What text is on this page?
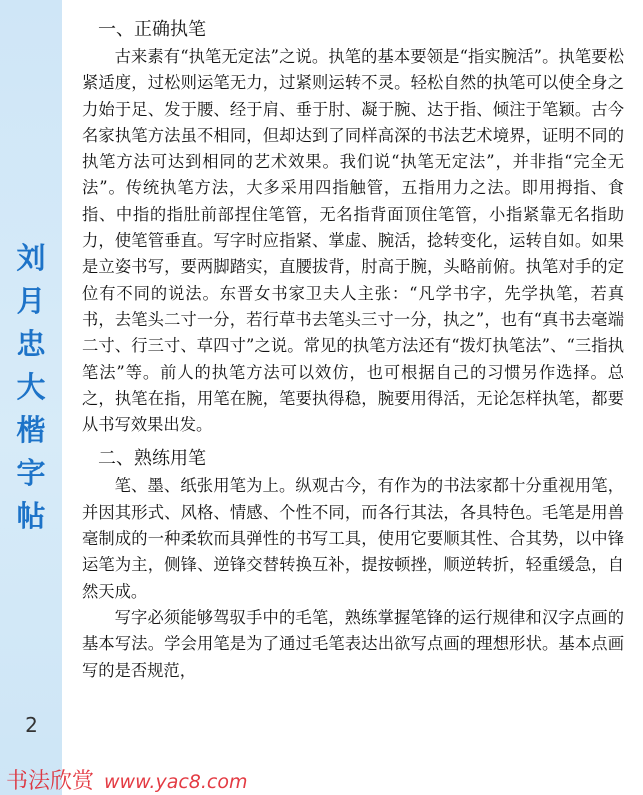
刘
月
忠
大
楷
字
帖
2
一、正确执笔

古来素有“执笔无定法”之说。执笔的基本要领是“指实腕活”。执笔要松紧适度，过松则运笔无力，过紧则运转不灵。轻松自然的执笔可以使全身之力始于足、发于腰、经于肩、垂于肘、凝于腕、达于指、倾注于笔颖。古今名家执笔方法虽不相同，但却达到了同样高深的书法艺术境界，证明不同的执笔方法可达到相同的艺术效果。我们说“执笔无定法”，并非指“完全无法”。传统执笔方法，大多采用四指触管，五指用力之法。即用拇指、食指、中指的指肚前部捏住笔管，无名指背面顶住笔管，小指紧靠无名指助力，使笔管垂直。写字时应指紧、掌虚、腕活，捻转变化，运转自如。如果是立姿书写，要两脚踏实，直腰拔背，肘高于腕，头略前俯。执笔对手的定位有不同的说法。东晋女书家卫夫人主张：“凡学书字，先学执笔，若真书，去笔头二寸一分，若行草书去笔头三寸一分，执之”，也有“真书去毫端二寸、行三寸、草四寸”之说。常见的执笔方法还有“拨灯执笔法”、“三指执笔法”等。前人的执笔方法可以效仿，也可根据自己的习惯另作选择。总之，执笔在指，用笔在腕，笔要执得稳，腕要用得活，无论怎样执笔，都要从书写效果出发。

二、熟练用笔

笔、墨、纸张用笔为上。纵观古今，有作为的书法家都十分重视用笔，并因其形式、风格、情感、个性不同，而各行其法，各具特色。毛笔是用兽毫制成的一种柔软而具弹性的书写工具，使用它要顺其性、合其势，以中锋运笔为主，侧锋、逆锋交替转换互补，提按顿挫，顺逆转折，轻重缓急，自然天成。

写字必须能够驾驭手中的毛笔，熟练掌握笔锋的运行规律和汉字点画的基本写法。学会用笔是为了通过毛笔表达出欲写点画的理想形状。基本点画写的是否规范，

书法欣赏 www.yac8.com
